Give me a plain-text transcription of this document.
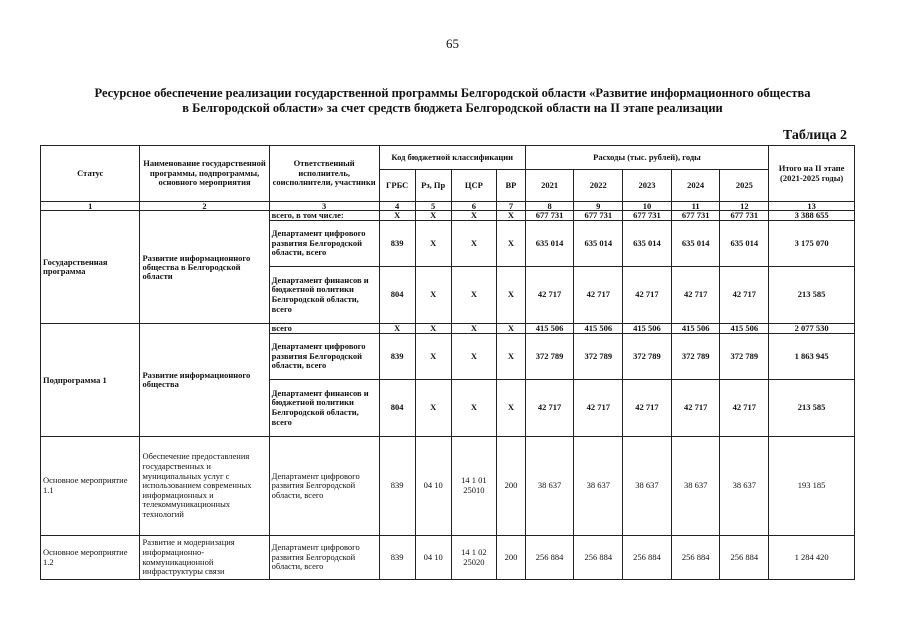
65
Ресурсное обеспечение реализации государственной программы Белгородской области «Развитие информационного общества
в Белгородской области» за счет средств бюджета Белгородской области на II этапе реализации
Таблица 2
Статус	Наименование государственной программы, подпрограммы, основного мероприятия	Ответственный исполнитель, соисполнители, участники	Код бюджетной классификации				Расходы (тыс. рублей), годы					Итого на II этапе (2021-2025 годы)
			ГРБС	Рз, Пр	ЦСР	ВР	2021	2022	2023	2024	2025	
1	2	3	4	5	6	7	8	9	10	11	12	13
Государственная программа	Развитие информационного общества в Белгородской области	всего, в том числе:	X	X	X	X	677 731	677 731	677 731	677 731	677 731	3 388 655
		Департамент цифрового развития Белгородской области, всего	839	X	X	X	635 014	635 014	635 014	635 014	635 014	3 175 070
		Департамент финансов и бюджетной политики Белгородской области, всего	804	X	X	X	42 717	42 717	42 717	42 717	42 717	213 585
Подпрограмма 1	Развитие информационного общества	всего	X	X	X	X	415 506	415 506	415 506	415 506	415 506	2 077 530
		Департамент цифрового развития Белгородской области, всего	839	X	X	X	372 789	372 789	372 789	372 789	372 789	1 863 945
		Департамент финансов и бюджетной политики Белгородской области, всего	804	X	X	X	42 717	42 717	42 717	42 717	42 717	213 585
Основное мероприятие 1.1	Обеспечение предоставления государственных и муниципальных услуг с использованием современных информационных и телекоммуникационных технологий	Департамент цифрового развития Белгородской области, всего	839	04 10	14 1 01 25010	200	38 637	38 637	38 637	38 637	38 637	193 185
Основное мероприятие 1.2	Развитие и модернизация информационно-коммуникационной инфраструктуры связи	Департамент цифрового развития Белгородской области, всего	839	04 10	14 1 02 25020	200	256 884	256 884	256 884	256 884	256 884	1 284 420
